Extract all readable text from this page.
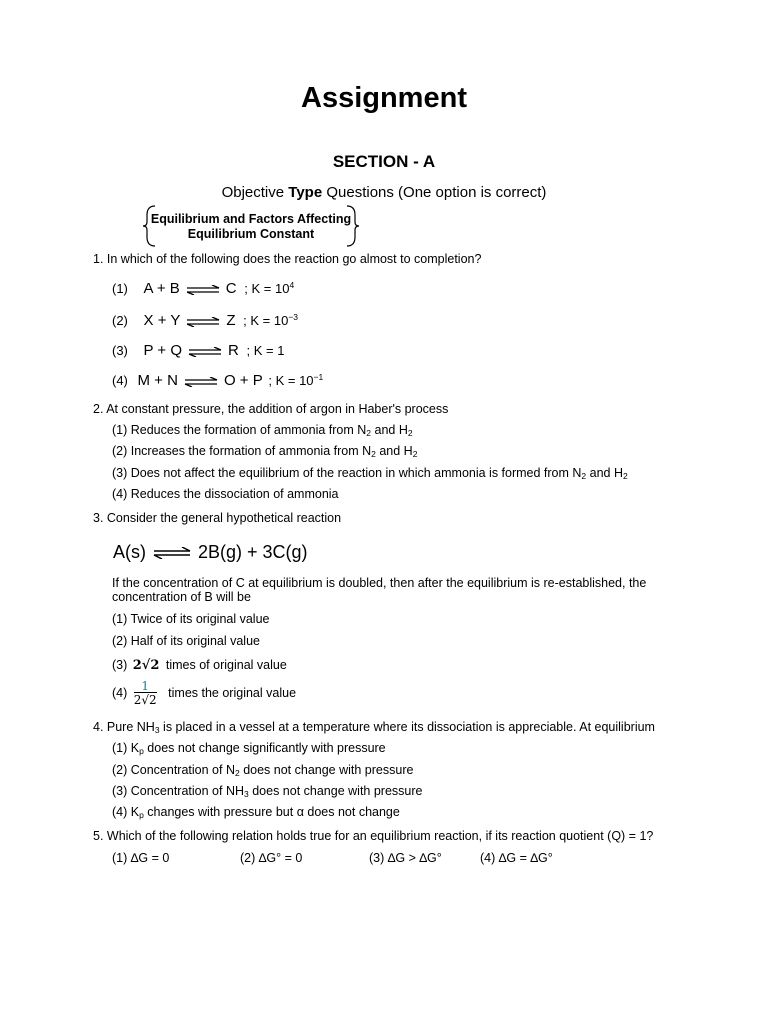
Assignment
SECTION - A
Objective Type Questions (One option is correct)
Equilibrium and Factors Affecting
Equilibrium Constant
1. In which of the following does the reaction go almost to completion?
(1) A + B ⇌ C ; $K = 10^4$
(2) X + Y ⇌ Z ; $K = 10^{-3}$
(3) P + Q ⇌ R ; K = 1
(4) M + N ⇌ O + P ; $K = 10^{-1}$
2. At constant pressure, the addition of argon in Haber's process
(1) Reduces the formation of ammonia from $N_2$ and $H_2$
(2) Increases the formation of ammonia from $N_2$ and $H_2$
(3) Does not affect the equilibrium of the reaction in which ammonia is formed from $N_2$ and $H_2$
(4) Reduces the dissociation of ammonia
3. Consider the general hypothetical reaction
A(s) ⇌ 2B(g) + 3C(g)
If the concentration of C at equilibrium is doubled, then after the equilibrium is re-established, the concentration of B will be
(1) Twice of its original value
(2) Half of its original value
(3) 2√2 times of original value
$(4) \frac{1}{2√2}$ times the original value
4. Pure $NH_3$ is placed in a vessel at a temperature where its dissociation is appreciable. At equilibrium
(1) $K_p$ does not change significantly with pressure
(2) Concentration of $N_2$ does not change with pressure
(3) Concentration of $NH_3$ does not change with pressure
(4) $K_p$ changes with pressure but α does not change
5. Which of the following relation holds true for an equilibrium reaction, if its reaction quotient (Q) = 1?
(1) ∆G = 0	(2) ∆G° = 0	(3) ∆G > ∆G°	(4) ∆G = ∆G°
